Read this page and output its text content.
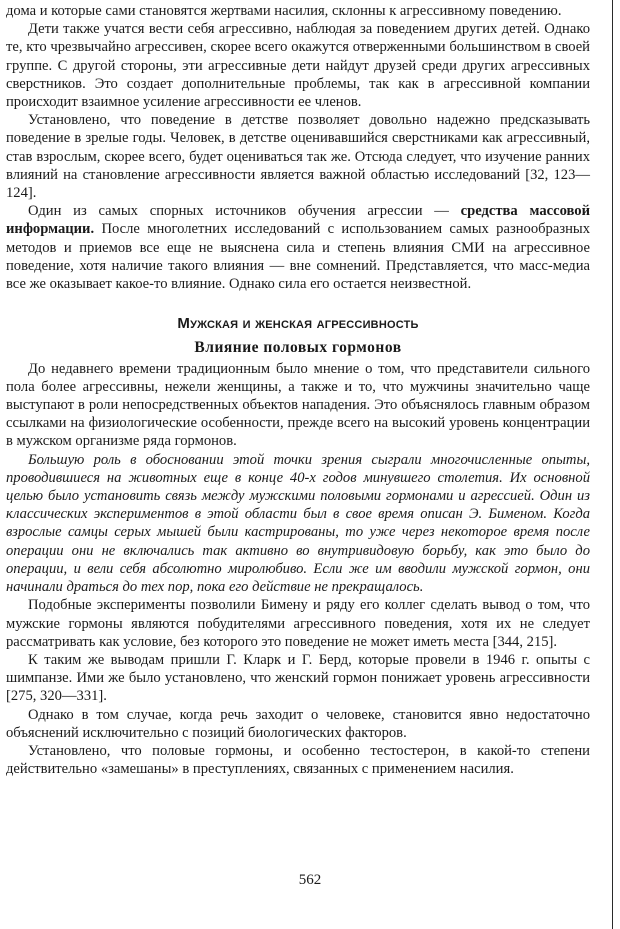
дома и которые сами становятся жертвами насилия, склонны к агрессивному поведению.

Дети также учатся вести себя агрессивно, наблюдая за поведением других детей. Однако те, кто чрезвычайно агрессивен, скорее всего окажутся отверженными большинством в своей группе. С другой стороны, эти агрессивные дети найдут друзей среди других агрессивных сверстников. Это создает дополнительные проблемы, так как в агрессивной компании происходит взаимное усиление агрессивности ее членов.

Установлено, что поведение в детстве позволяет довольно надежно предсказывать поведение в зрелые годы. Человек, в детстве оценивавшийся сверстниками как агрессивный, став взрослым, скорее всего, будет оцениваться так же. Отсюда следует, что изучение ранних влияний на становление агрессивности является важной областью исследований [32, 123—124].

Один из самых спорных источников обучения агрессии — средства массовой информации. После многолетних исследований с использованием самых разнообразных методов и приемов все еще не выяснена сила и степень влияния СМИ на агрессивное поведение, хотя наличие такого влияния — вне сомнений. Представляется, что масс-медиа все же оказывает какое-то влияние. Однако сила его остается неизвестной.

Мужская и женская агрессивность
Влияние половых гормонов

До недавнего времени традиционным было мнение о том, что представители сильного пола более агрессивны, нежели женщины, а также и то, что мужчины значительно чаще выступают в роли непосредственных объектов нападения. Это объяснялось главным образом ссылками на физиологические особенности, прежде всего на высокий уровень концентрации в мужском организме ряда гормонов.

Большую роль в обосновании этой точки зрения сыграли многочисленные опыты, проводившиеся на животных еще в конце 40-х годов минувшего столетия. Их основной целью было установить связь между мужскими половыми гормонами и агрессией. Один из классических экспериментов в этой области был в свое время описан Э. Бименом. Когда взрослые самцы серых мышей были кастрированы, то уже через некоторое время после операции они не включались так активно во внутривидовую борьбу, как это было до операции, и вели себя абсолютно миролюбиво. Если же им вводили мужской гормон, они начинали драться до тех пор, пока его действие не прекращалось.

Подобные эксперименты позволили Бимену и ряду его коллег сделать вывод о том, что мужские гормоны являются побудителями агрессивного поведения, хотя их не следует рассматривать как условие, без которого это поведение не может иметь места [344, 215].

К таким же выводам пришли Г. Кларк и Г. Берд, которые провели в 1946 г. опыты с шимпанзе. Ими же было установлено, что женский гормон понижает уровень агрессивности [275, 320—331].

Однако в том случае, когда речь заходит о человеке, становится явно недостаточно объяснений исключительно с позиций биологических факторов.

Установлено, что половые гормоны, и особенно тестостерон, в какой-то степени действительно «замешаны» в преступлениях, связанных с применением насилия.

562
